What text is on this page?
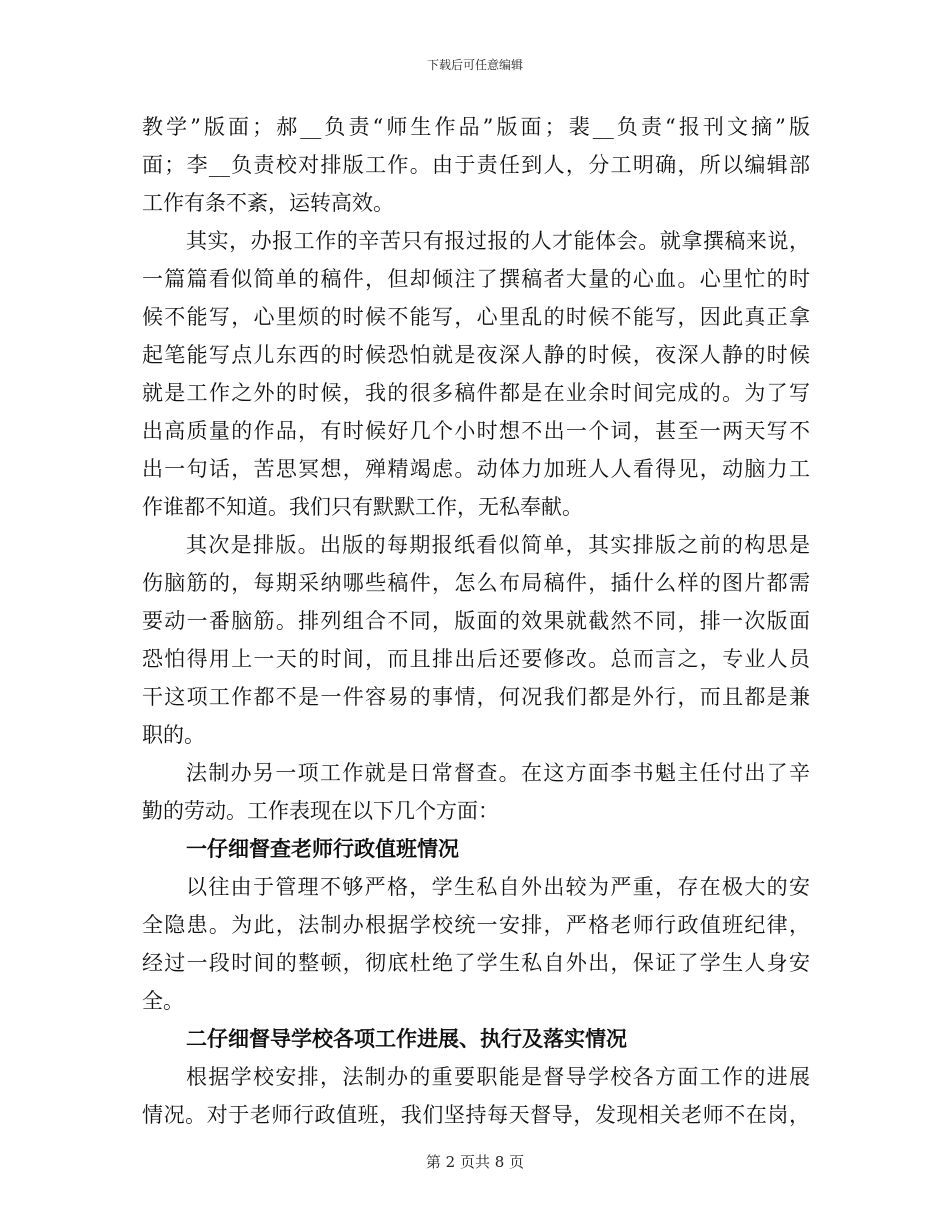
下载后可任意编辑
教学”版面；郝__负责“师生作品”版面；裴__负责“报刊文摘”版
面；李__负责校对排版工作。由于责任到人，分工明确，所以编辑部
工作有条不紊，运转高效。
其实，办报工作的辛苦只有报过报的人才能体会。就拿撰稿来说，
一篇篇看似简单的稿件，但却倾注了撰稿者大量的心血。心里忙的时
候不能写，心里烦的时候不能写，心里乱的时候不能写，因此真正拿
起笔能写点儿东西的时候恐怕就是夜深人静的时候，夜深人静的时候
就是工作之外的时候，我的很多稿件都是在业余时间完成的。为了写
出高质量的作品，有时候好几个小时想不出一个词，甚至一两天写不
出一句话，苦思冥想，殚精竭虑。动体力加班人人看得见，动脑力工
作谁都不知道。我们只有默默工作，无私奉献。
其次是排版。出版的每期报纸看似简单，其实排版之前的构思是
伤脑筋的，每期采纳哪些稿件，怎么布局稿件，插什么样的图片都需
要动一番脑筋。排列组合不同，版面的效果就截然不同，排一次版面
恐怕得用上一天的时间，而且排出后还要修改。总而言之，专业人员
干这项工作都不是一件容易的事情，何况我们都是外行，而且都是兼
职的。
法制办另一项工作就是日常督查。在这方面李书魁主任付出了辛
勤的劳动。工作表现在以下几个方面：
一仔细督查老师行政值班情况
以往由于管理不够严格，学生私自外出较为严重，存在极大的安
全隐患。为此，法制办根据学校统一安排，严格老师行政值班纪律，
经过一段时间的整顿，彻底杜绝了学生私自外出，保证了学生人身安
全。
二仔细督导学校各项工作进展、执行及落实情况
根据学校安排，法制办的重要职能是督导学校各方面工作的进展
情况。对于老师行政值班，我们坚持每天督导，发现相关老师不在岗，
第 2 页共 8 页
